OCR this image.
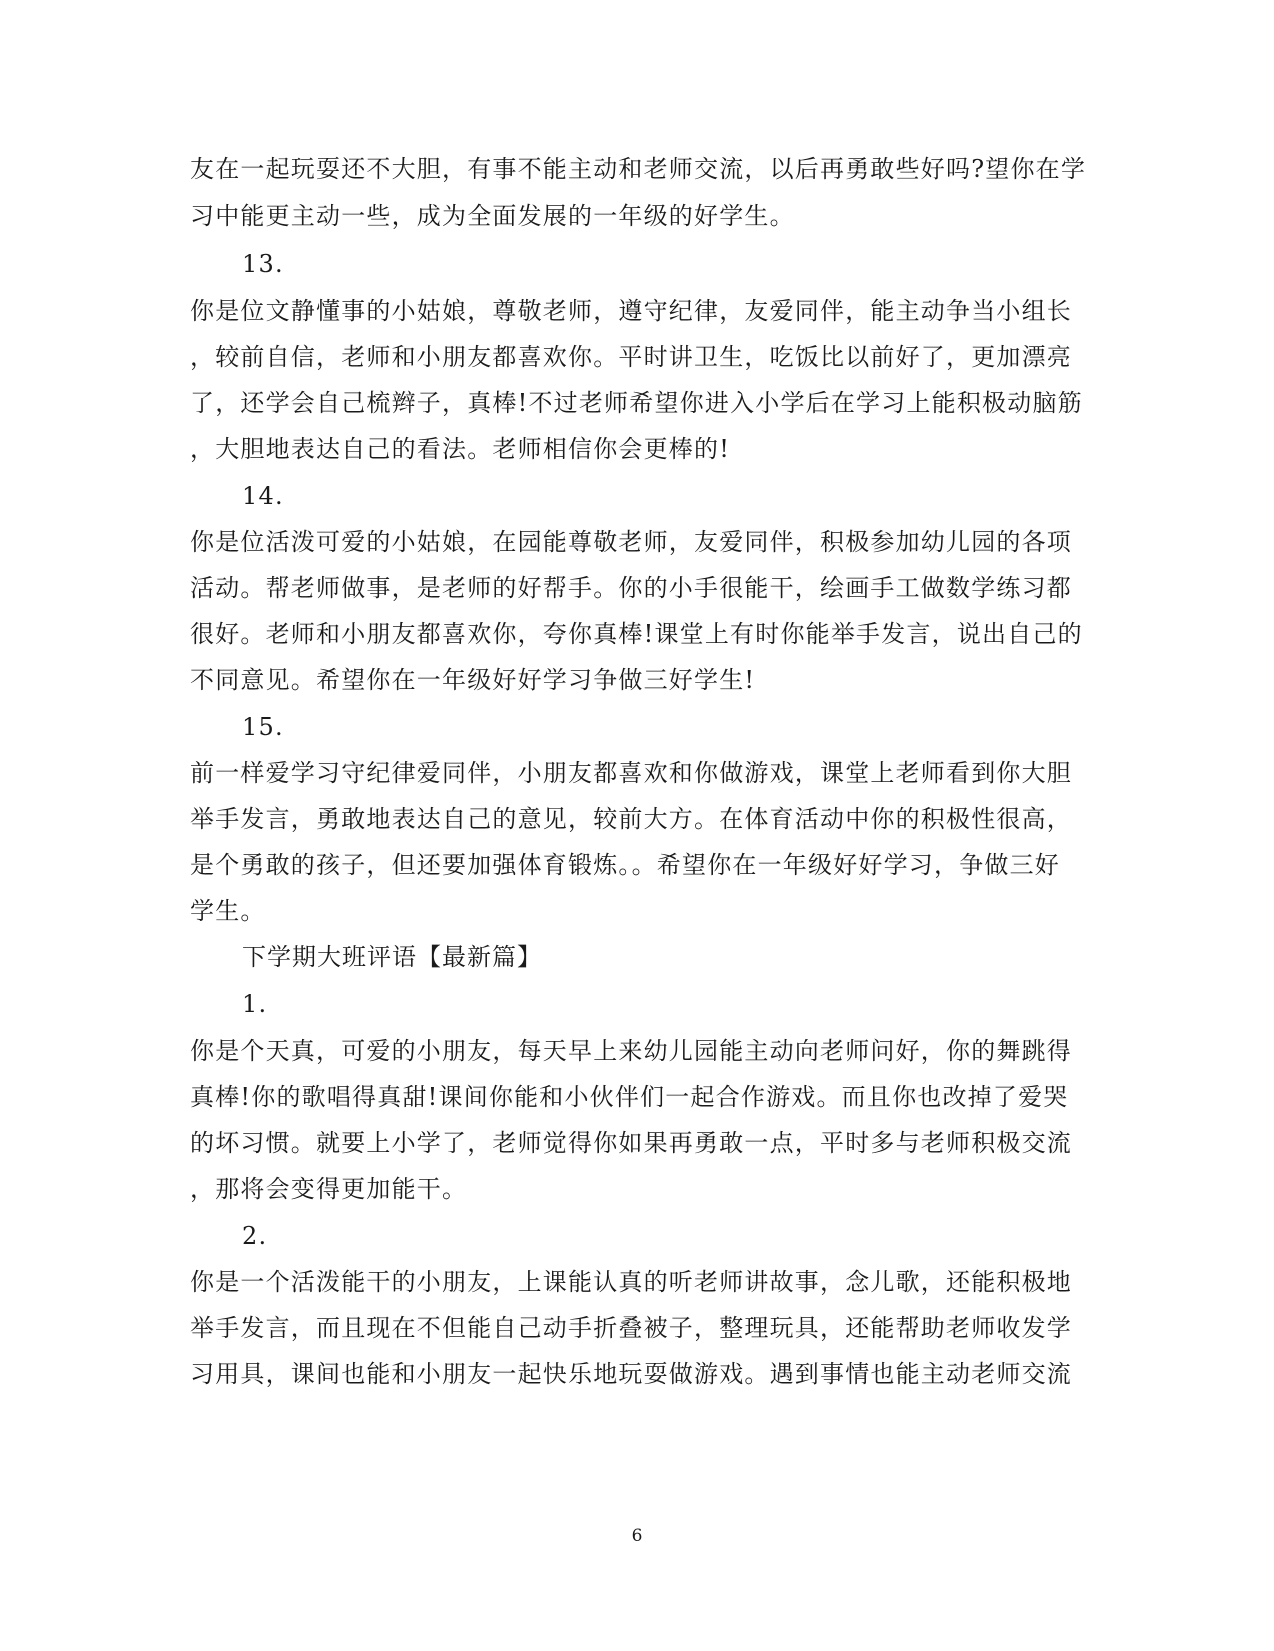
友在一起玩耍还不大胆，有事不能主动和老师交流，以后再勇敢些好吗?望你在学
习中能更主动一些，成为全面发展的一年级的好学生。
13.
你是位文静懂事的小姑娘，尊敬老师，遵守纪律，友爱同伴，能主动争当小组长
，较前自信，老师和小朋友都喜欢你。平时讲卫生，吃饭比以前好了，更加漂亮
了，还学会自己梳辫子，真棒!不过老师希望你进入小学后在学习上能积极动脑筋
，大胆地表达自己的看法。老师相信你会更棒的!
14.
你是位活泼可爱的小姑娘，在园能尊敬老师，友爱同伴，积极参加幼儿园的各项
活动。帮老师做事，是老师的好帮手。你的小手很能干，绘画手工做数学练习都
很好。老师和小朋友都喜欢你，夸你真棒!课堂上有时你能举手发言，说出自己的
不同意见。希望你在一年级好好学习争做三好学生!
15.
前一样爱学习守纪律爱同伴，小朋友都喜欢和你做游戏，课堂上老师看到你大胆
举手发言，勇敢地表达自己的意见，较前大方。在体育活动中你的积极性很高，
是个勇敢的孩子，但还要加强体育锻炼。。希望你在一年级好好学习，争做三好
学生。
下学期大班评语【最新篇】
1.
你是个天真，可爱的小朋友，每天早上来幼儿园能主动向老师问好，你的舞跳得
真棒!你的歌唱得真甜!课间你能和小伙伴们一起合作游戏。而且你也改掉了爱哭
的坏习惯。就要上小学了，老师觉得你如果再勇敢一点，平时多与老师积极交流
，那将会变得更加能干。
2.
你是一个活泼能干的小朋友，上课能认真的听老师讲故事，念儿歌，还能积极地
举手发言，而且现在不但能自己动手折叠被子，整理玩具，还能帮助老师收发学
习用具，课间也能和小朋友一起快乐地玩耍做游戏。遇到事情也能主动老师交流
6
